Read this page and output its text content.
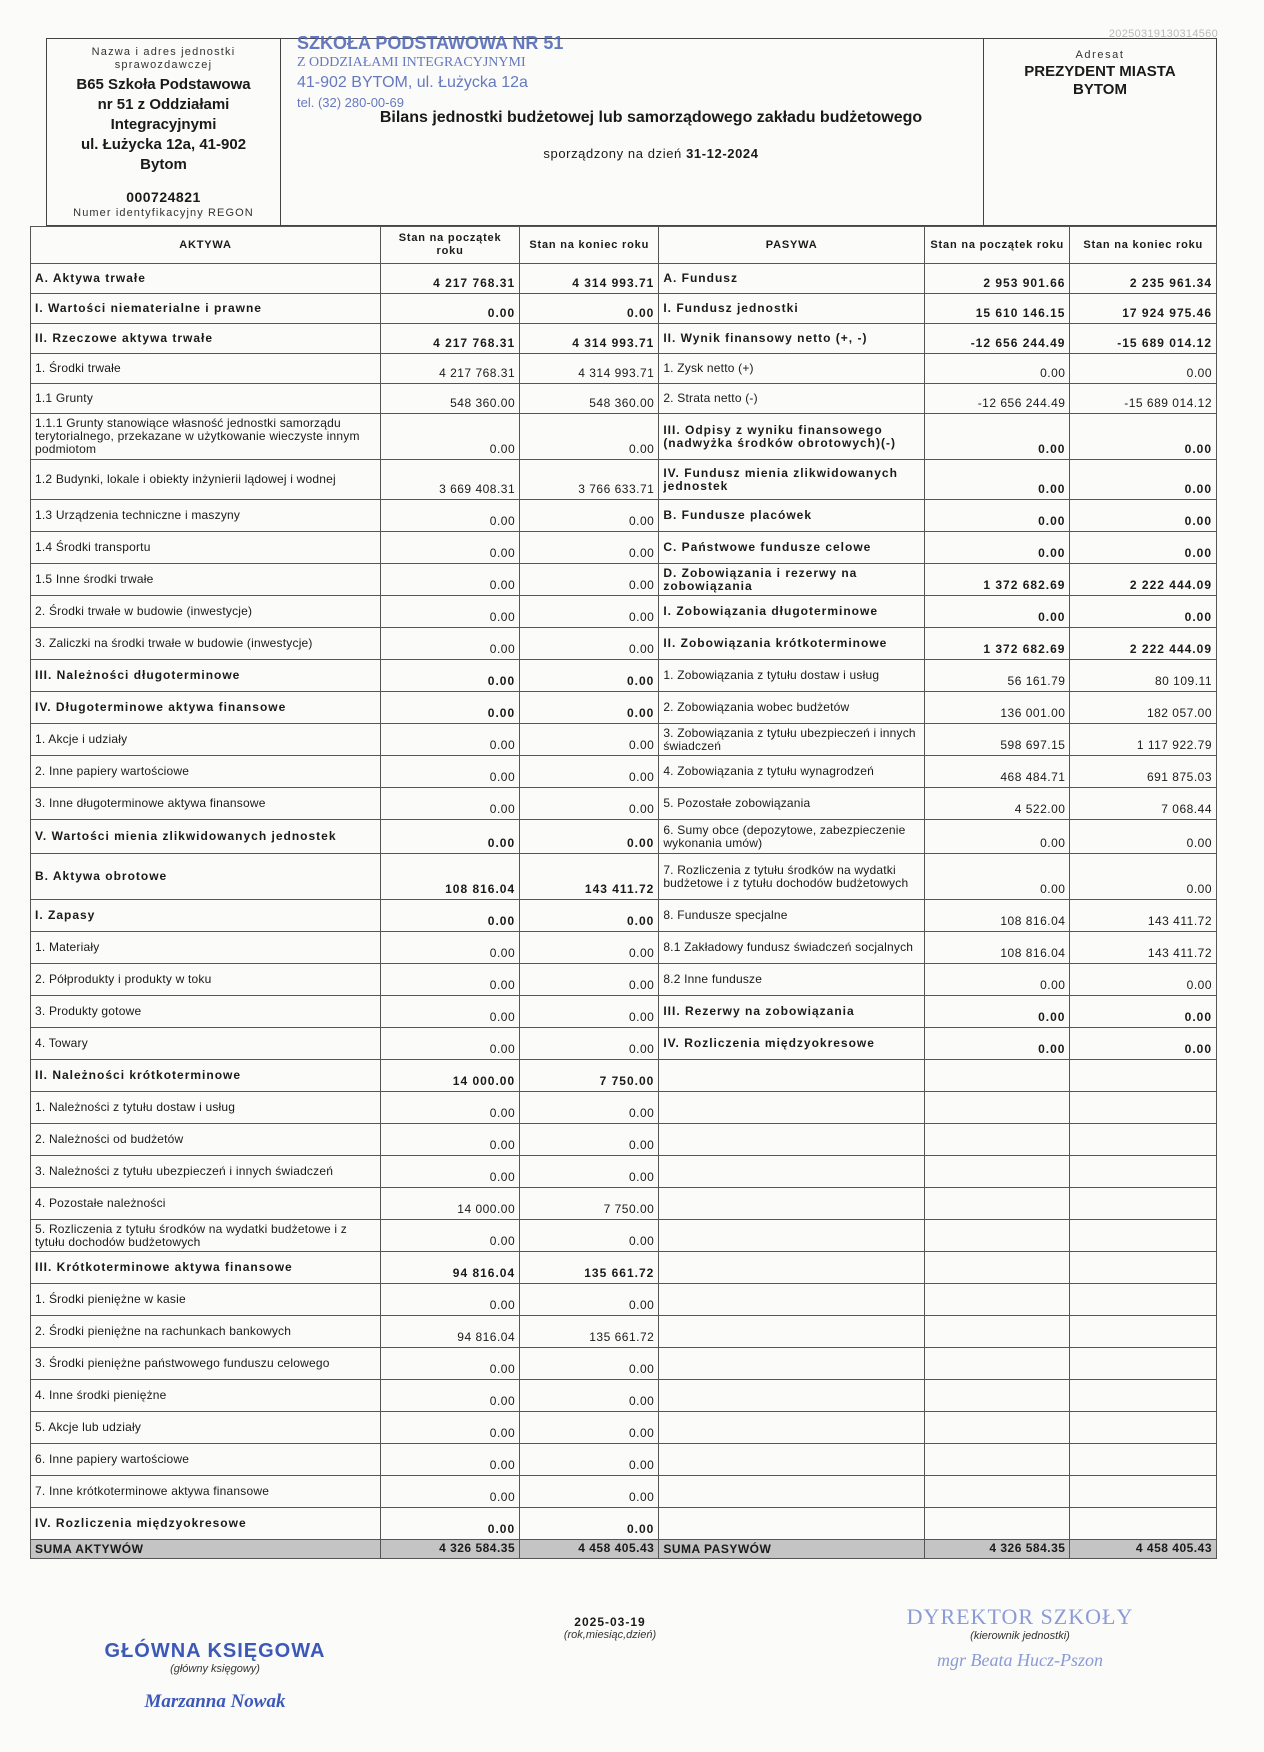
20250319130314560
Nazwa i adres jednostki sprawozdawczej
B65 Szkoła Podstawowa
nr 51 z Oddziałami
Integracyjnymi
ul. Łużycka 12a, 41-902
Bytom
000724821
Numer identyfikacyjny REGON
SZKOŁA PODSTAWOWA NR 51
Z ODDZIAŁAMI INTEGRACYJNYMI
41-902 BYTOM, ul. Łużycka 12a
tel. (32) 280-00-69
Bilans jednostki budżetowej lub samorządowego zakładu budżetowego
sporządzony na dzień 31-12-2024
Adresat
PREZYDENT MIASTA
BYTOM
AKTYWA	Stan na początek roku	Stan na koniec roku	PASYWA	Stan na początek roku	Stan na koniec roku
A. Aktywa trwałe	4 217 768.31	4 314 993.71	A. Fundusz	2 953 901.66	2 235 961.34
I. Wartości niematerialne i prawne	0.00	0.00	I. Fundusz jednostki	15 610 146.15	17 924 975.46
II. Rzeczowe aktywa trwałe	4 217 768.31	4 314 993.71	II. Wynik finansowy netto (+, -)	-12 656 244.49	-15 689 014.12
1. Środki trwałe	4 217 768.31	4 314 993.71	1. Zysk netto (+)	0.00	0.00
1.1 Grunty	548 360.00	548 360.00	2. Strata netto (-)	-12 656 244.49	-15 689 014.12
1.1.1 Grunty stanowiące własność jednostki samorządu terytorialnego, przekazane w użytkowanie wieczyste innym podmiotom	0.00	0.00	III. Odpisy z wyniku finansowego (nadwyżka środków obrotowych)(-)	0.00	0.00
1.2 Budynki, lokale i obiekty inżynierii lądowej i wodnej	3 669 408.31	3 766 633.71	IV. Fundusz mienia zlikwidowanych jednostek	0.00	0.00
1.3 Urządzenia techniczne i maszyny	0.00	0.00	B. Fundusze placówek	0.00	0.00
1.4 Środki transportu	0.00	0.00	C. Państwowe fundusze celowe	0.00	0.00
1.5 Inne środki trwałe	0.00	0.00	D. Zobowiązania i rezerwy na zobowiązania	1 372 682.69	2 222 444.09
2. Środki trwałe w budowie (inwestycje)	0.00	0.00	I. Zobowiązania długoterminowe	0.00	0.00
3. Zaliczki na środki trwałe w budowie (inwestycje)	0.00	0.00	II. Zobowiązania krótkoterminowe	1 372 682.69	2 222 444.09
III. Należności długoterminowe	0.00	0.00	1. Zobowiązania z tytułu dostaw i usług	56 161.79	80 109.11
IV. Długoterminowe aktywa finansowe	0.00	0.00	2. Zobowiązania wobec budżetów	136 001.00	182 057.00
1. Akcje i udziały	0.00	0.00	3. Zobowiązania z tytułu ubezpieczeń i innych świadczeń	598 697.15	1 117 922.79
2. Inne papiery wartościowe	0.00	0.00	4. Zobowiązania z tytułu wynagrodzeń	468 484.71	691 875.03
3. Inne długoterminowe aktywa finansowe	0.00	0.00	5. Pozostałe zobowiązania	4 522.00	7 068.44
V. Wartości mienia zlikwidowanych jednostek	0.00	0.00	6. Sumy obce (depozytowe, zabezpieczenie wykonania umów)	0.00	0.00
B. Aktywa obrotowe	108 816.04	143 411.72	7. Rozliczenia z tytułu środków na wydatki budżetowe i z tytułu dochodów budżetowych	0.00	0.00
I. Zapasy	0.00	0.00	8. Fundusze specjalne	108 816.04	143 411.72
1. Materiały	0.00	0.00	8.1 Zakładowy fundusz świadczeń socjalnych	108 816.04	143 411.72
2. Półprodukty i produkty w toku	0.00	0.00	8.2 Inne fundusze	0.00	0.00
3. Produkty gotowe	0.00	0.00	III. Rezerwy na zobowiązania	0.00	0.00
4. Towary	0.00	0.00	IV. Rozliczenia międzyokresowe	0.00	0.00
II. Należności krótkoterminowe	14 000.00	7 750.00			
1. Należności z tytułu dostaw i usług	0.00	0.00			
2. Należności od budżetów	0.00	0.00			
3. Należności z tytułu ubezpieczeń i innych świadczeń	0.00	0.00			
4. Pozostałe należności	14 000.00	7 750.00			
5. Rozliczenia z tytułu środków na wydatki budżetowe i z tytułu dochodów budżetowych	0.00	0.00			
III. Krótkoterminowe aktywa finansowe	94 816.04	135 661.72			
1. Środki pieniężne w kasie	0.00	0.00			
2. Środki pieniężne na rachunkach bankowych	94 816.04	135 661.72			
3. Środki pieniężne państwowego funduszu celowego	0.00	0.00			
4. Inne środki pieniężne	0.00	0.00			
5. Akcje lub udziały	0.00	0.00			
6. Inne papiery wartościowe	0.00	0.00			
7. Inne krótkoterminowe aktywa finansowe	0.00	0.00			
IV. Rozliczenia międzyokresowe	0.00	0.00			
SUMA AKTYWÓW	4 326 584.35	4 458 405.43	SUMA PASYWÓW	4 326 584.35	4 458 405.43
GŁÓWNA KSIĘGOWA
(główny księgowy)
Marzanna Nowak
2025-03-19
(rok,miesiąc,dzień)
DYREKTOR SZKOŁY
(kierownik jednostki)
mgr Beata Hucz-Pszon
